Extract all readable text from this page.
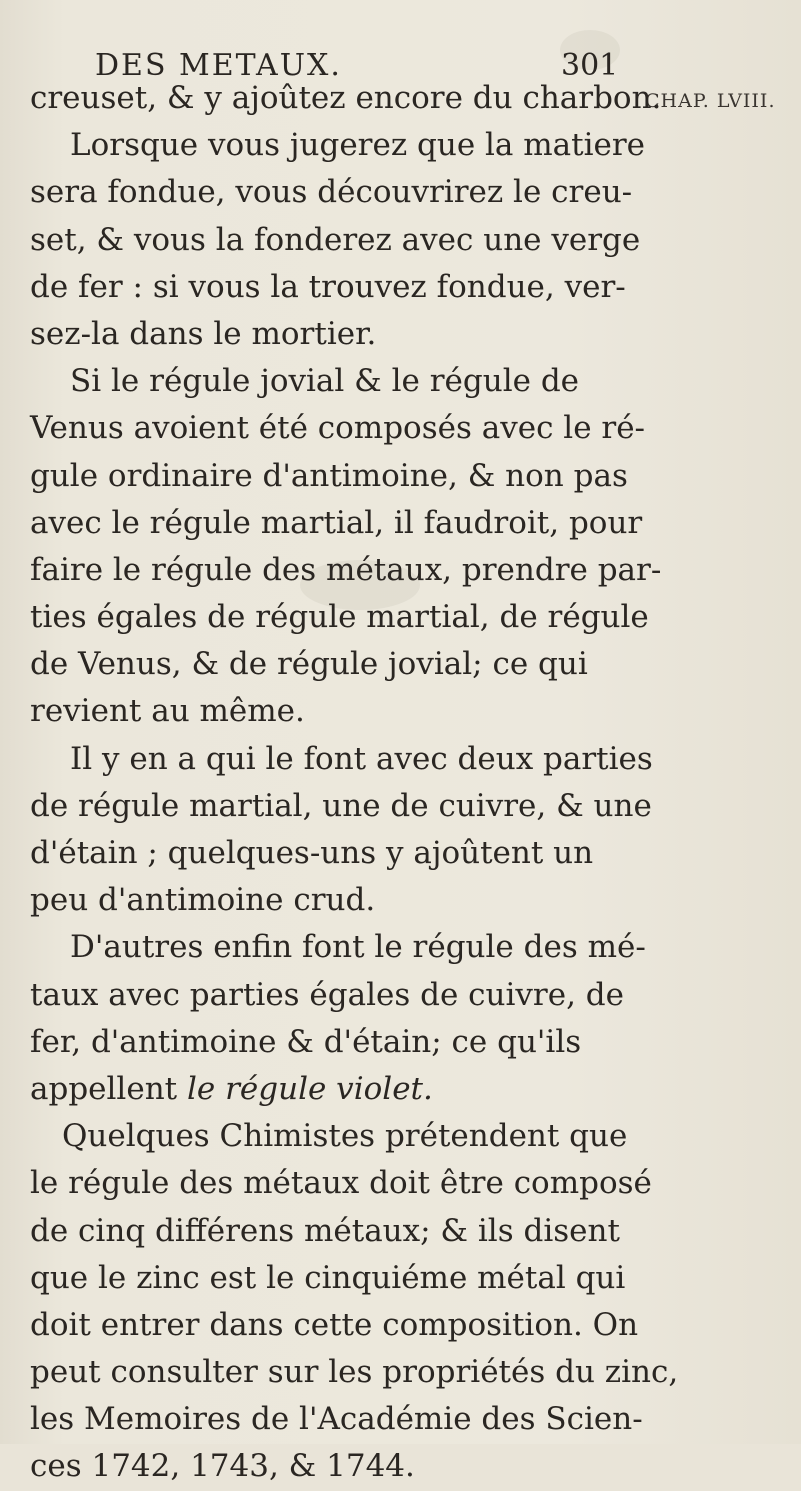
DES METAUX.	301
CHAP. LVIII.
creuset, & y ajoûtez encore du charbon.
Lorsque vous jugerez que la matiere
sera fondue, vous découvrirez le creu-
set, & vous la fonderez avec une verge
de fer : si vous la trouvez fondue, ver-
sez-la dans le mortier.
Si le régule jovial & le régule de
Venus avoient été composés avec le ré-
gule ordinaire d'antimoine, & non pas
avec le régule martial, il faudroit, pour
faire le régule des métaux, prendre par-
ties égales de régule martial, de régule
de Venus, & de régule jovial; ce qui
revient au même.
Il y en a qui le font avec deux parties
de régule martial, une de cuivre, & une
d'étain ; quelques-uns y ajoûtent un
peu d'antimoine crud.
D'autres enfin font le régule des mé-
taux avec parties égales de cuivre, de
fer, d'antimoine & d'étain; ce qu'ils
appellent le régule violet.
Quelques Chimistes prétendent que
le régule des métaux doit être composé
de cinq différens métaux; & ils disent
que le zinc est le cinquiéme métal qui
doit entrer dans cette composition. On
peut consulter sur les propriétés du zinc,
les Memoires de l'Académie des Scien-
ces 1742, 1743, & 1744.
